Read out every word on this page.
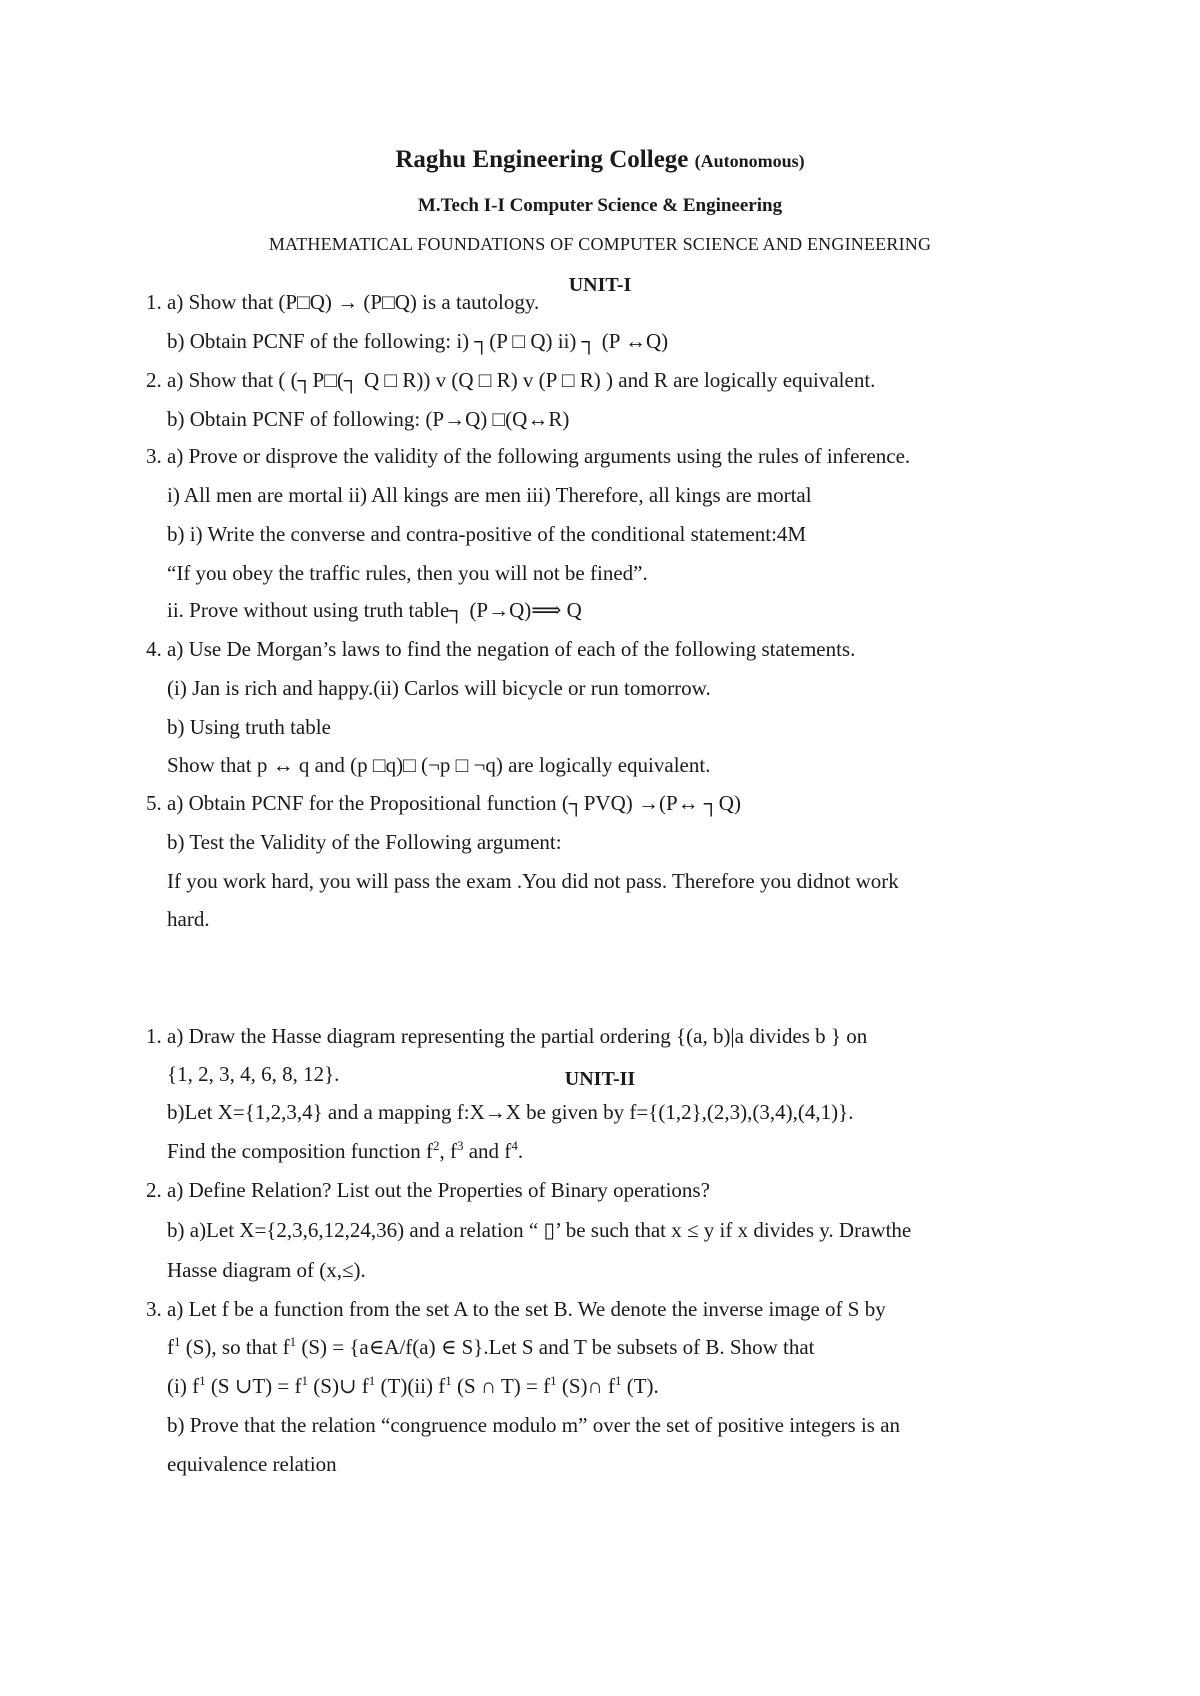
Raghu Engineering College (Autonomous)
M.Tech I-I Computer Science & Engineering
MATHEMATICAL FOUNDATIONS OF COMPUTER SCIENCE AND ENGINEERING
UNIT-I
1. a) Show that (P□Q) → (P□Q) is a tautology.
b) Obtain PCNF of the following: i) ┐(P □ Q) ii) ┐ (P ↔Q)
2. a) Show that ( (┐P□(┐ Q □ R)) v (Q □ R) v (P □ R) ) and R are logically equivalent.
b) Obtain PCNF of following: (P→Q) □(Q↔R)
3. a) Prove or disprove the validity of the following arguments using the rules of inference.
i) All men are mortal ii) All kings are men iii) Therefore, all kings are mortal
b) i) Write the converse and contra-positive of the conditional statement:4M
“If you obey the traffic rules, then you will not be fined”.
ii. Prove without using truth table┐ (P→Q)⟹ Q
4. a) Use De Morgan’s laws to find the negation of each of the following statements.
(i) Jan is rich and happy.(ii) Carlos will bicycle or run tomorrow.
b) Using truth table
Show that p ↔ q and (p □q)□ (¬p □ ¬q) are logically equivalent.
5. a) Obtain PCNF for the Propositional function (┐PVQ) →(P↔ ┐Q)
b) Test the Validity of the Following argument:
If you work hard, you will pass the exam .You did not pass. Therefore you didnot work
hard.
UNIT-II
1. a) Draw the Hasse diagram representing the partial ordering {(a, b)|a divides b } on
{1, 2, 3, 4, 6, 8, 12}.
b)Let X={1,2,3,4} and a mapping f:X→X be given by f={(1,2},(2,3),(3,4),(4,1)}.
Find the composition function $f^2$, $f^3$ and $f^4$.
2. a) Define Relation? List out the Properties of Binary operations?
b) a)Let X={2,3,6,12,24,36) and a relation “ ▯’ be such that x ≤ y if x divides y. Drawthe
Hasse diagram of (x,≤).
3. a) Let f be a function from the set A to the set B. We denote the inverse image of S by
$f^1$ (S), so that $f^1$ (S) = {a∈A/f(a) ∈ S}.Let S and T be subsets of B. Show that
(i) $f^1$ (S ∪T) = $f^1$ (S)∪ $f^1$ (T)(ii) $f^1$ (S ∩ $T) = f^1$ (S)∩ $f^1$ (T).
b) Prove that the relation “congruence modulo m” over the set of positive integers is an
equivalence relation
